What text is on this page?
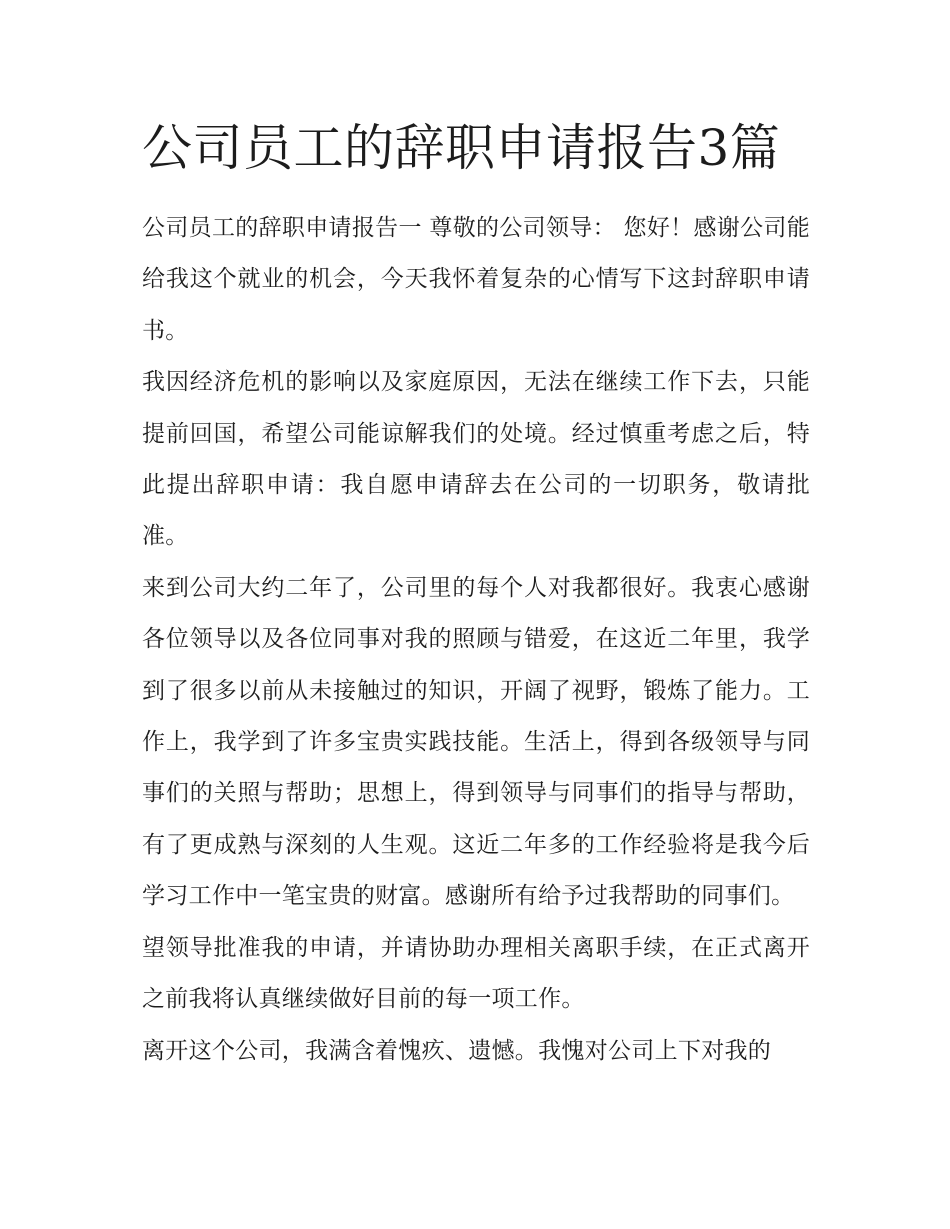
公司员工的辞职申请报告3篇

公司员工的辞职申请报告一 尊敬的公司领导： 您好！感谢公司能给我这个就业的机会，今天我怀着复杂的心情写下这封辞职申请书。

我因经济危机的影响以及家庭原因，无法在继续工作下去，只能提前回国，希望公司能谅解我们的处境。经过慎重考虑之后，特此提出辞职申请：我自愿申请辞去在公司的一切职务，敬请批准。

来到公司大约二年了，公司里的每个人对我都很好。我衷心感谢各位领导以及各位同事对我的照顾与错爱，在这近二年里，我学到了很多以前从未接触过的知识，开阔了视野，锻炼了能力。工作上，我学到了许多宝贵实践技能。生活上，得到各级领导与同事们的关照与帮助；思想上，得到领导与同事们的指导与帮助，有了更成熟与深刻的人生观。这近二年多的工作经验将是我今后学习工作中一笔宝贵的财富。感谢所有给予过我帮助的同事们。

望领导批准我的申请，并请协助办理相关离职手续，在正式离开之前我将认真继续做好目前的每一项工作。

离开这个公司，我满含着愧疚、遗憾。我愧对公司上下对我的
